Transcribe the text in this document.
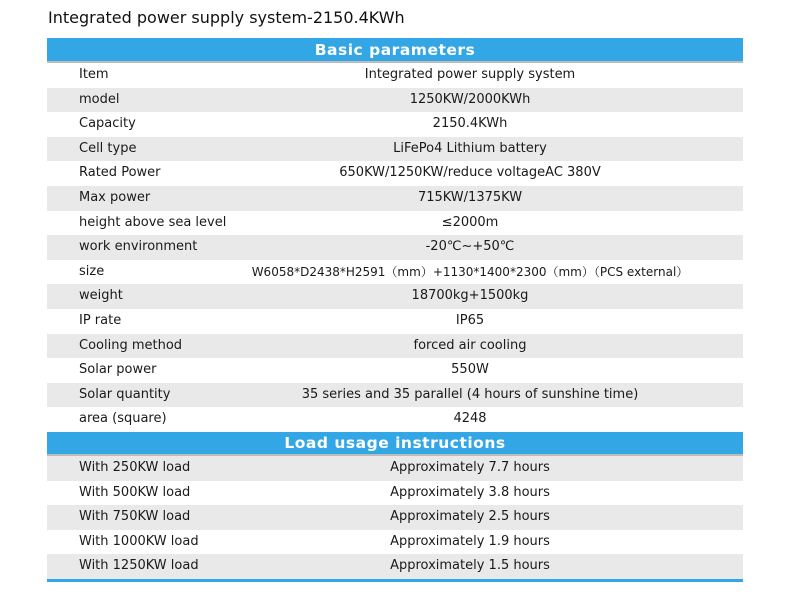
Integrated power supply system-2150.4KWh
Basic parameters
Item	Integrated power supply system
model	1250KW/2000KWh
Capacity	2150.4KWh
Cell type	LiFePo4 Lithium battery
Rated Power	650KW/1250KW/reduce voltageAC 380V
Max power	715KW/1375KW
height above sea level	≤2000m
work environment	-20℃~+50℃
size	W6058*D2438*H2591（mm）+1130*1400*2300（mm）（PCS external）
weight	18700kg+1500kg
IP rate	IP65
Cooling method	forced air cooling
Solar power	550W
Solar quantity	35 series and 35 parallel (4 hours of sunshine time)
area (square)	4248
Load usage instructions
With 250KW load	Approximately 7.7 hours
With 500KW load	Approximately 3.8 hours
With 750KW load	Approximately 2.5 hours
With 1000KW load	Approximately 1.9 hours
With 1250KW load	Approximately 1.5 hours
